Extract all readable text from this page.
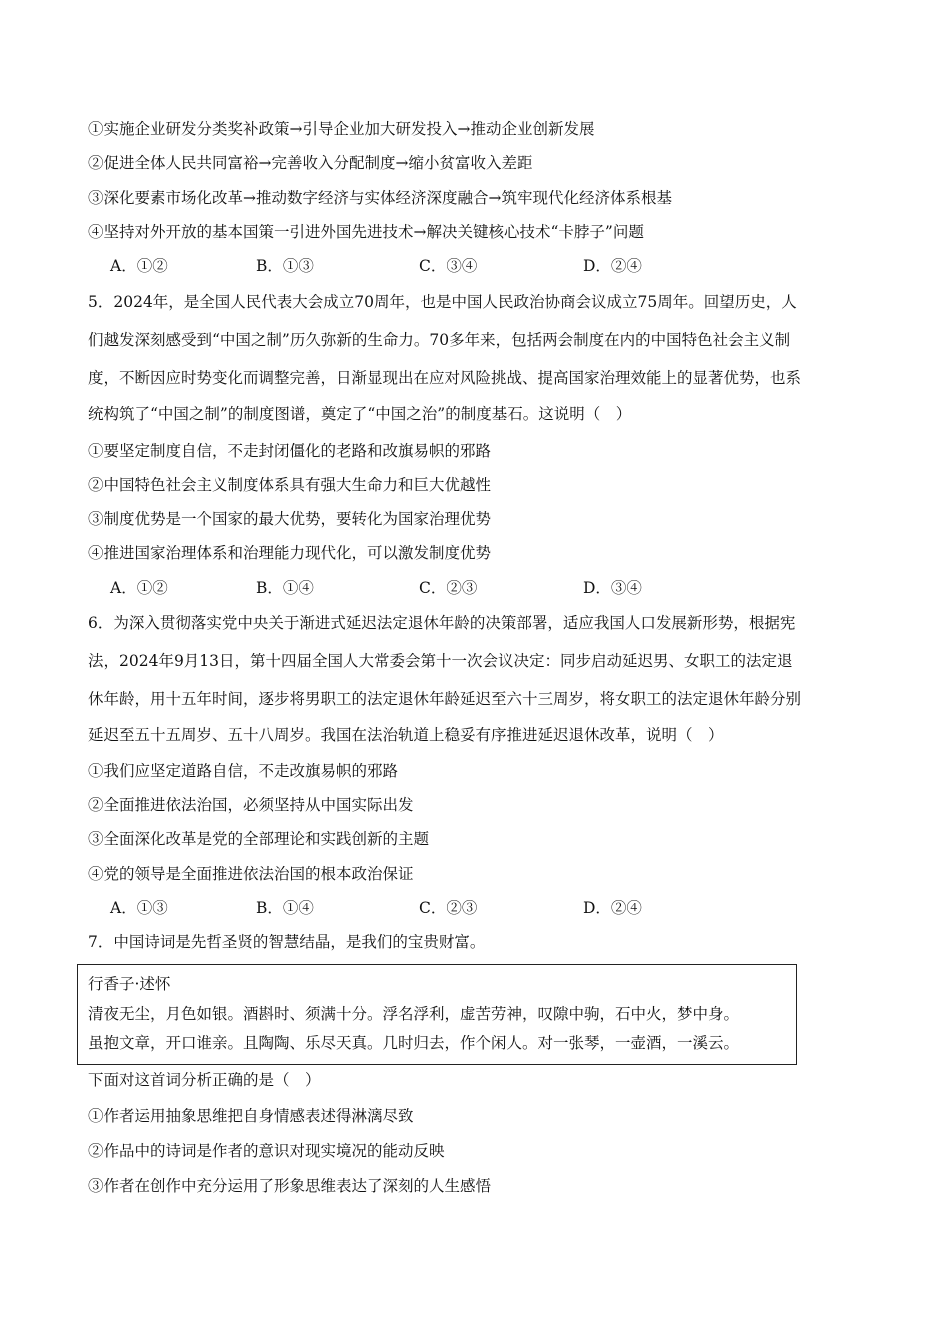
①实施企业研发分类奖补政策→引导企业加大研发投入→推动企业创新发展
②促进全体人民共同富裕→完善收入分配制度→缩小贫富收入差距
③深化要素市场化改革→推动数字经济与实体经济深度融合→筑牢现代化经济体系根基
④坚持对外开放的基本国策一引进外国先进技术→解决关键核心技术“卡脖子”问题
A．①②	B．①③	C．③④	D．②④
5．2024年，是全国人民代表大会成立70周年，也是中国人民政治协商会议成立75周年。回望历史，人
们越发深刻感受到“中国之制”历久弥新的生命力。70多年来，包括两会制度在内的中国特色社会主义制
度，不断因应时势变化而调整完善，日渐显现出在应对风险挑战、提高国家治理效能上的显著优势，也系
统构筑了“中国之制”的制度图谱，奠定了“中国之治”的制度基石。这说明（　）
①要坚定制度自信，不走封闭僵化的老路和改旗易帜的邪路
②中国特色社会主义制度体系具有强大生命力和巨大优越性
③制度优势是一个国家的最大优势，要转化为国家治理优势
④推进国家治理体系和治理能力现代化，可以激发制度优势
A．①②	B．①④	C．②③	D．③④
6．为深入贯彻落实党中央关于渐进式延迟法定退休年龄的决策部署，适应我国人口发展新形势，根据宪
法，2024年9月13日，第十四届全国人大常委会第十一次会议决定：同步启动延迟男、女职工的法定退
休年龄，用十五年时间，逐步将男职工的法定退休年龄延迟至六十三周岁，将女职工的法定退休年龄分别
延迟至五十五周岁、五十八周岁。我国在法治轨道上稳妥有序推进延迟退休改革，说明（　）
①我们应坚定道路自信，不走改旗易帜的邪路
②全面推进依法治国，必须坚持从中国实际出发
③全面深化改革是党的全部理论和实践创新的主题
④党的领导是全面推进依法治国的根本政治保证
A．①③	B．①④	C．②③	D．②④
7．中国诗词是先哲圣贤的智慧结晶，是我们的宝贵财富。
行香子·述怀
清夜无尘，月色如银。酒斟时、须满十分。浮名浮利，虚苦劳神，叹隙中驹，石中火，梦中身。
虽抱文章，开口谁亲。且陶陶、乐尽天真。几时归去，作个闲人。对一张琴，一壶酒，一溪云。
下面对这首词分析正确的是（　）
①作者运用抽象思维把自身情感表述得淋漓尽致
②作品中的诗词是作者的意识对现实境况的能动反映
③作者在创作中充分运用了形象思维表达了深刻的人生感悟
